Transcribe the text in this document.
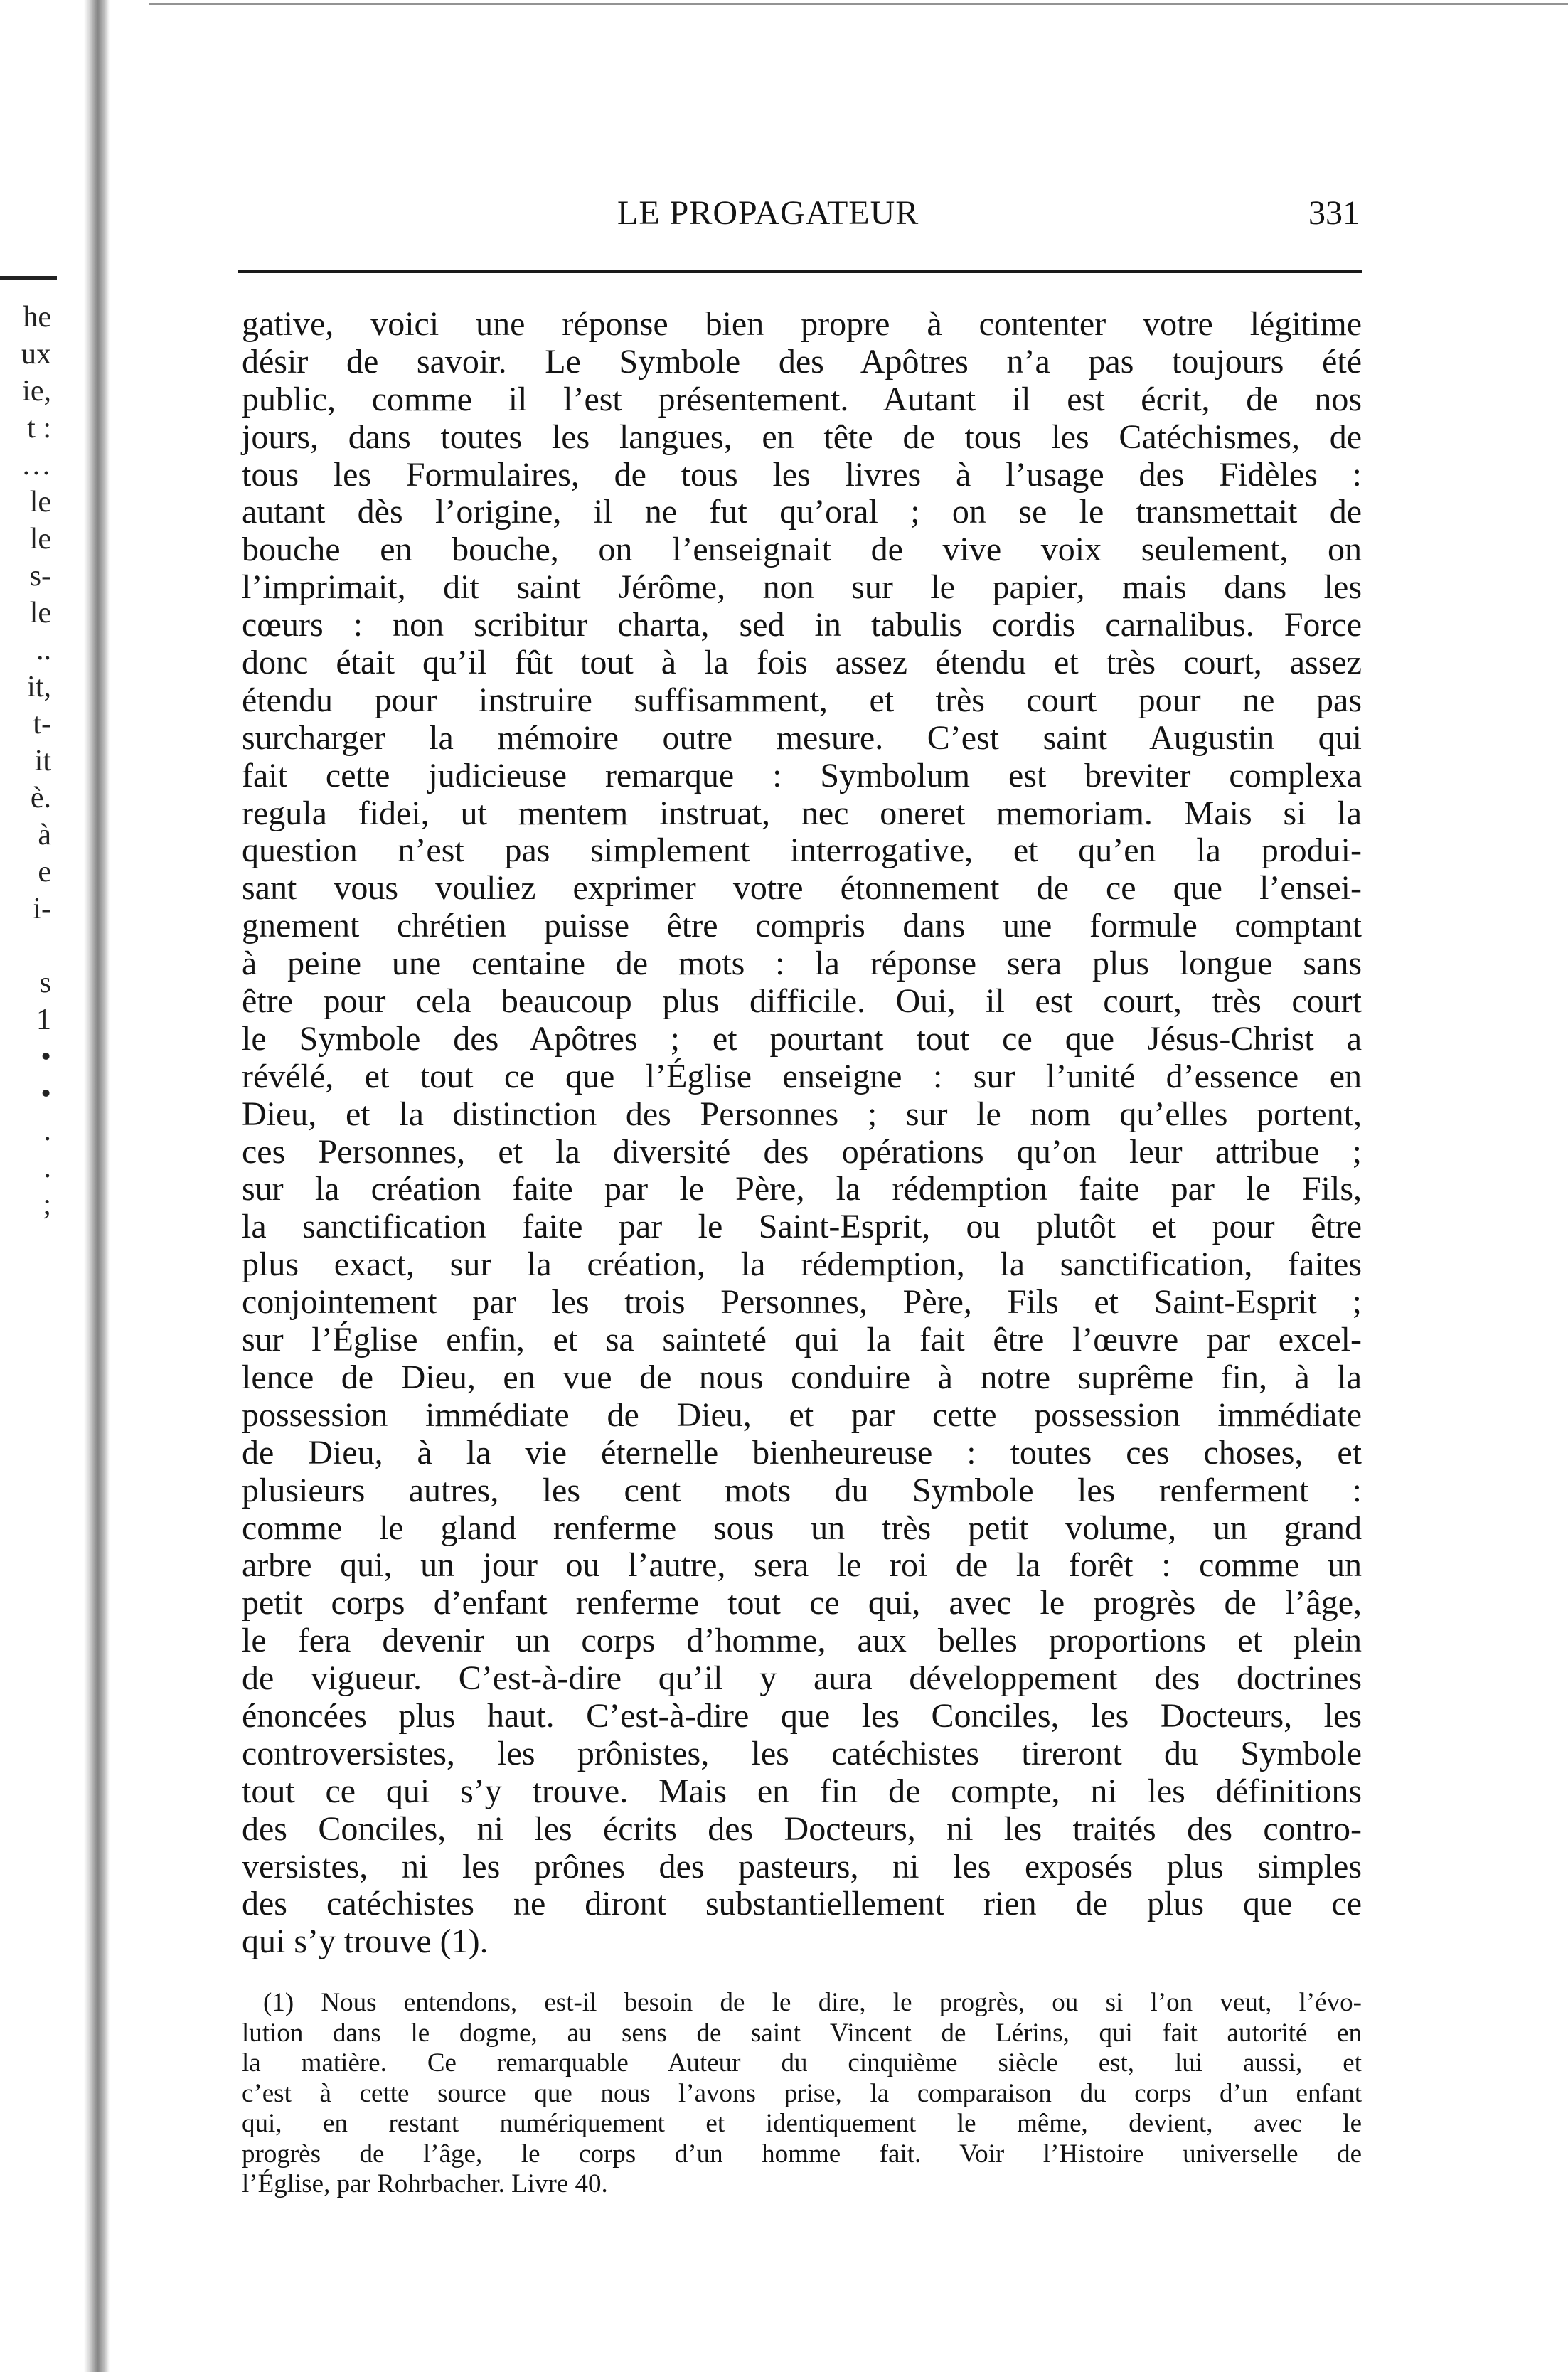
he
ux
ie,
t :
…
le
le
s-
le
..
it,
t-
it
è.
à
e
i-
s
1
•
•
.
.
;
LE PROPAGATEUR	331
gative, voici une réponse bien propre à contenter votre légitime
désir de savoir. Le Symbole des Apôtres n’a pas toujours été
public, comme il l’est présentement. Autant il est écrit, de nos
jours, dans toutes les langues, en tête de tous les Catéchismes, de
tous les Formulaires, de tous les livres à l’usage des Fidèles :
autant dès l’origine, il ne fut qu’oral ; on se le transmettait de
bouche en bouche, on l’enseignait de vive voix seulement, on
l’imprimait, dit saint Jérôme, non sur le papier, mais dans les
cœurs : non scribitur charta, sed in tabulis cordis carnalibus. Force
donc était qu’il fût tout à la fois assez étendu et très court, assez
étendu pour instruire suffisamment, et très court pour ne pas
surcharger la mémoire outre mesure. C’est saint Augustin qui
fait cette judicieuse remarque : Symbolum est breviter complexa
regula fidei, ut mentem instruat, nec oneret memoriam. Mais si la
question n’est pas simplement interrogative, et qu’en la produi-
sant vous vouliez exprimer votre étonnement de ce que l’ensei-
gnement chrétien puisse être compris dans une formule comptant
à peine une centaine de mots : la réponse sera plus longue sans
être pour cela beaucoup plus difficile. Oui, il est court, très court
le Symbole des Apôtres ; et pourtant tout ce que Jésus-Christ a
révélé, et tout ce que l’Église enseigne : sur l’unité d’essence en
Dieu, et la distinction des Personnes ; sur le nom qu’elles portent,
ces Personnes, et la diversité des opérations qu’on leur attribue ;
sur la création faite par le Père, la rédemption faite par le Fils,
la sanctification faite par le Saint-Esprit, ou plutôt et pour être
plus exact, sur la création, la rédemption, la sanctification, faites
conjointement par les trois Personnes, Père, Fils et Saint-Esprit ;
sur l’Église enfin, et sa sainteté qui la fait être l’œuvre par excel-
lence de Dieu, en vue de nous conduire à notre suprême fin, à la
possession immédiate de Dieu, et par cette possession immédiate
de Dieu, à la vie éternelle bienheureuse : toutes ces choses, et
plusieurs autres, les cent mots du Symbole les renferment :
comme le gland renferme sous un très petit volume, un grand
arbre qui, un jour ou l’autre, sera le roi de la forêt : comme un
petit corps d’enfant renferme tout ce qui, avec le progrès de l’âge,
le fera devenir un corps d’homme, aux belles proportions et plein
de vigueur. C’est-à-dire qu’il y aura développement des doctrines
énoncées plus haut. C’est-à-dire que les Conciles, les Docteurs, les
controversistes, les prônistes, les catéchistes tireront du Symbole
tout ce qui s’y trouve. Mais en fin de compte, ni les définitions
des Conciles, ni les écrits des Docteurs, ni les traités des contro-
versistes, ni les prônes des pasteurs, ni les exposés plus simples
des catéchistes ne diront substantiellement rien de plus que ce
qui s’y trouve (1).
(1) Nous entendons, est-il besoin de le dire, le progrès, ou si l’on veut, l’évo-
lution dans le dogme, au sens de saint Vincent de Lérins, qui fait autorité en
la matière. Ce remarquable Auteur du cinquième siècle est, lui aussi, et
c’est à cette source que nous l’avons prise, la comparaison du corps d’un enfant
qui, en restant numériquement et identiquement le même, devient, avec le
progrès de l’âge, le corps d’un homme fait. Voir l’Histoire universelle de
l’Église, par Rohrbacher. Livre 40.
